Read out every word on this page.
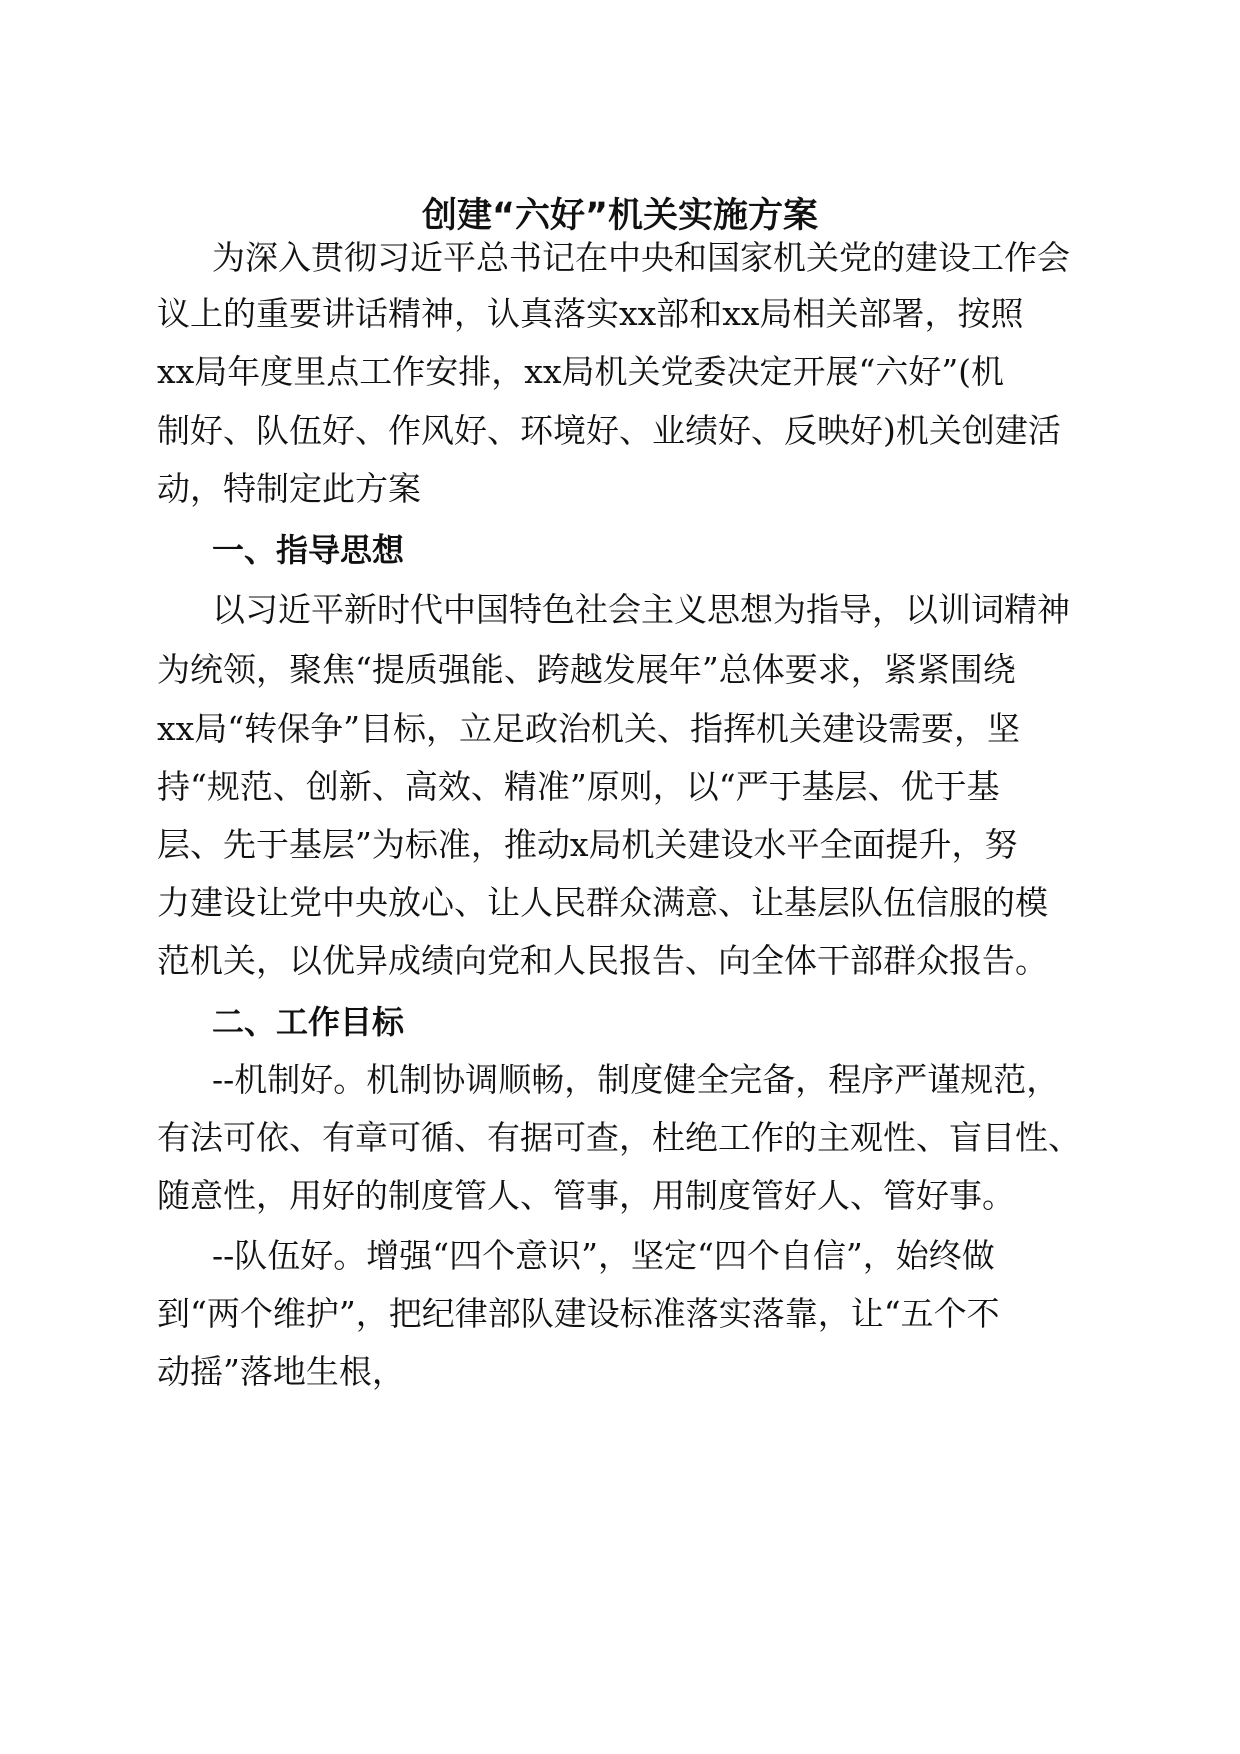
创建“六好”机关实施方案
为深入贯彻习近平总书记在中央和国家机关党的建设工作会
议上的重要讲话精神，认真落实xx部和xx局相关部署，按照
xx局年度里点工作安排，xx局机关党委决定开展“六好”(机
制好、队伍好、作风好、环境好、业绩好、反映好)机关创建活
动，特制定此方案
一、指导思想
以习近平新时代中国特色社会主义思想为指导，以训词精神
为统领，聚焦“提质强能、跨越发展年”总体要求，紧紧围绕
xx局“转保争”目标，立足政治机关、指挥机关建设需要，坚
持“规范、创新、高效、精准”原则，以“严于基层、优于基
层、先于基层”为标准，推动x局机关建设水平全面提升，努
力建设让党中央放心、让人民群众满意、让基层队伍信服的模
范机关，以优异成绩向党和人民报告、向全体干部群众报告。
二、工作目标
--机制好。机制协调顺畅，制度健全完备，程序严谨规范，
有法可依、有章可循、有据可查，杜绝工作的主观性、盲目性、
随意性，用好的制度管人、管事，用制度管好人、管好事。
--队伍好。增强“四个意识”，坚定“四个自信”，始终做
到“两个维护”，把纪律部队建设标准落实落靠，让“五个不
动摇”落地生根，
